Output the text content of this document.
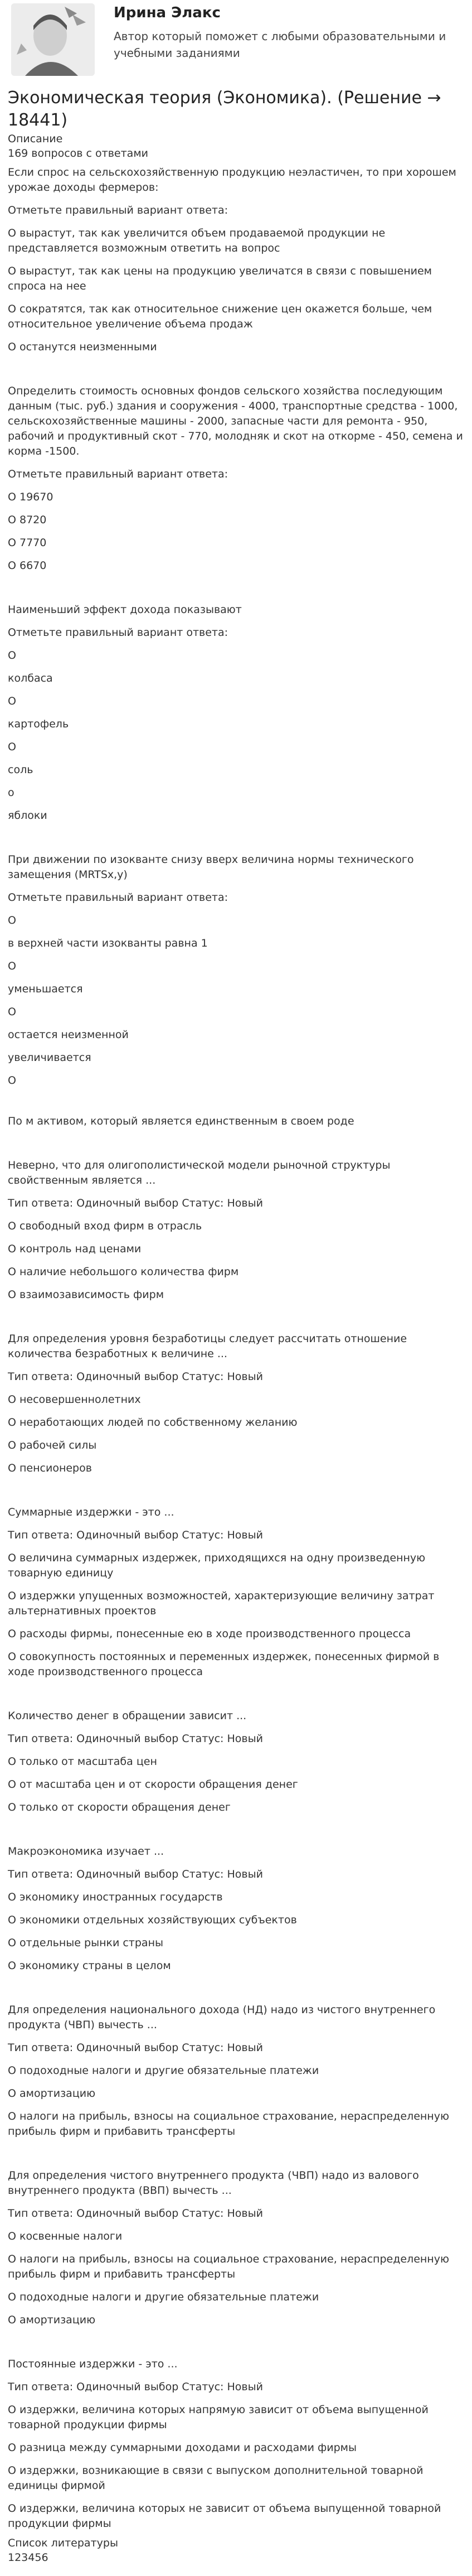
Ирина Элакс
Автор который поможет с любыми образовательными и учебными заданиями
Экономическая теория (Экономика). (Решение → 18441)

Описание

169 вопросов с ответами

Если спрос на сельскохозяйственную продукцию неэластичен, то при хорошем урожае доходы фермеров:

Отметьте правильный вариант ответа:

О вырастут, так как увеличится объем продаваемой продукции не представляется возможным ответить на вопрос

О вырастут, так как цены на продукцию увеличатся в связи с повышением спроса на нее

О сократятся, так как относительное снижение цен окажется больше, чем относительное увеличение объема продаж

О останутся неизменными

Определить стоимость основных фондов сельского хозяйства последующим данным (тыс. руб.) здания и сооружения - 4000, транспортные средства - 1000, сельскохозяйственные машины - 2000, запасные части для ремонта - 950, рабочий и продуктивный скот - 770, молодняк и скот на откорме - 450, семена и корма -1500.

Отметьте правильный вариант ответа:

О 19670

О 8720

О 7770

О 6670

Наименьший эффект дохода показывают

Отметьте правильный вариант ответа:

О

колбаса

О

картофель

О

соль

о

яблоки

При движении по изокванте снизу вверх величина нормы технического замещения (MRTSx,y)

Отметьте правильный вариант ответа:

О

в верхней части изокванты равна 1

О

уменьшается

О

остается неизменной

увеличивается

О

По м активом, который является единственным в своем роде

Неверно, что для олигополистической модели рыночной структуры свойственным является ...

Тип ответа: Одиночный выбор Статус: Новый

О свободный вход фирм в отрасль

О контроль над ценами

О наличие небольшого количества фирм

О взаимозависимость фирм

Для определения уровня безработицы следует рассчитать отношение количества безработных к величине ...

Тип ответа: Одиночный выбор Статус: Новый

О несовершеннолетних

О неработающих людей по собственному желанию

О рабочей силы

О пенсионеров

Суммарные издержки - это ...

Тип ответа: Одиночный выбор Статус: Новый

О величина суммарных издержек, приходящихся на одну произведенную товарную единицу

О издержки упущенных возможностей, характеризующие величину затрат альтернативных проектов

О расходы фирмы, понесенные ею в ходе производственного процесса

О совокупность постоянных и переменных издержек, понесенных фирмой в ходе производственного процесса

Количество денег в обращении зависит ...

Тип ответа: Одиночный выбор Статус: Новый

О только от масштаба цен

О от масштаба цен и от скорости обращения денег

О только от скорости обращения денег

Макроэкономика изучает ...

Тип ответа: Одиночный выбор Статус: Новый

О экономику иностранных государств

О экономики отдельных хозяйствующих субъектов

О отдельные рынки страны

О экономику страны в целом

Для определения национального дохода (НД) надо из чистого внутреннего продукта (ЧВП) вычесть ...

Тип ответа: Одиночный выбор Статус: Новый

О подоходные налоги и другие обязательные платежи

О амортизацию

О налоги на прибыль, взносы на социальное страхование, нераспределенную прибыль фирм и прибавить трансферты

Для определения чистого внутреннего продукта (ЧВП) надо из валового внутреннего продукта (ВВП) вычесть ...

Тип ответа: Одиночный выбор Статус: Новый

О косвенные налоги

О налоги на прибыль, взносы на социальное страхование, нераспределенную прибыль фирм и прибавить трансферты

О подоходные налоги и другие обязательные платежи

О амортизацию

Постоянные издержки - это ...

Тип ответа: Одиночный выбор Статус: Новый

О издержки, величина которых напрямую зависит от объема выпущенной товарной продукции фирмы

О разница между суммарными доходами и расходами фирмы

О издержки, возникающие в связи с выпуском дополнительной товарной единицы фирмой

О издержки, величина которых не зависит от объема выпущенной товарной продукции фирмы

Список литературы

123456
